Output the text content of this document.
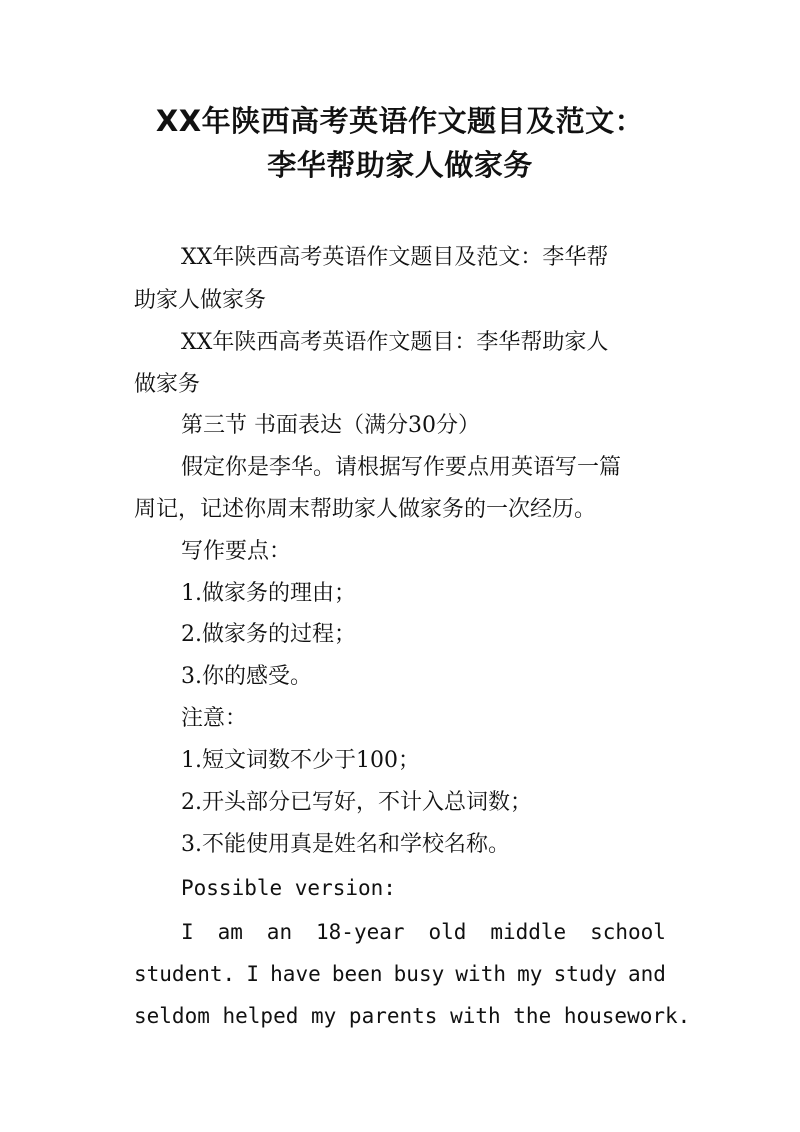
XX年陕西高考英语作文题目及范文：
李华帮助家人做家务

XX年陕西高考英语作文题目及范文：李华帮

助家人做家务

XX年陕西高考英语作文题目：李华帮助家人

做家务

第三节 书面表达（满分30分）

假定你是李华。请根据写作要点用英语写一篇

周记，记述你周末帮助家人做家务的一次经历。

写作要点：

1.做家务的理由；

2.做家务的过程；

3.你的感受。

注意：

1.短文词数不少于100；

2.开头部分已写好，不计入总词数；

3.不能使用真是姓名和学校名称。

Possible version:

I am an 18-year old middle school

student. I have been busy with my study and

seldom helped my parents with the housework.
